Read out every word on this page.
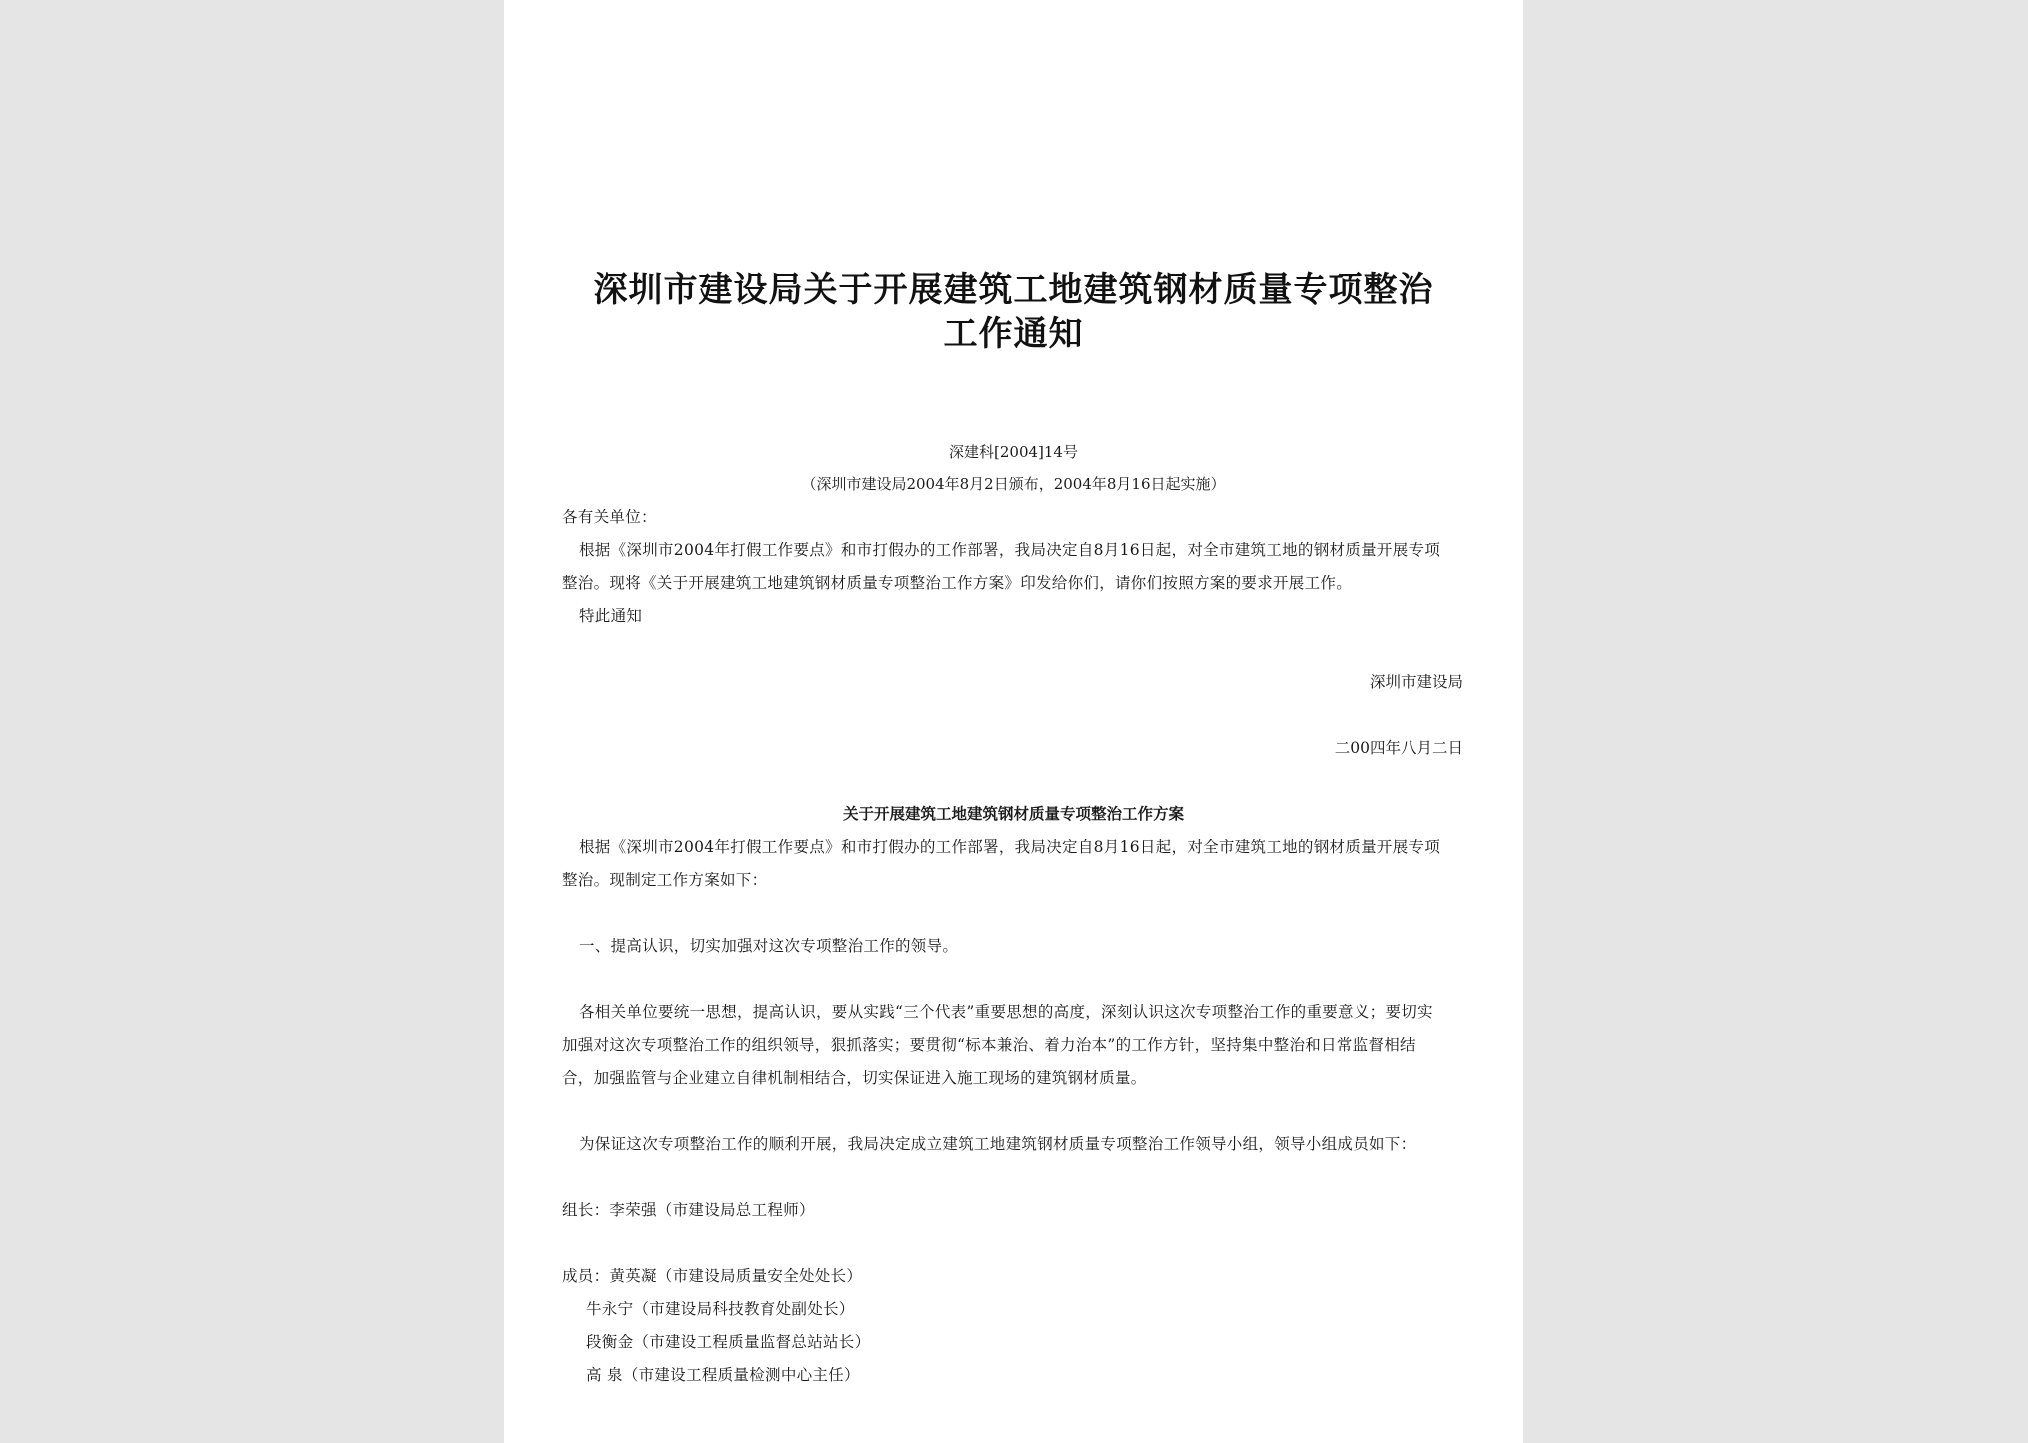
深圳市建设局关于开展建筑工地建筑钢材质量专项整治
工作通知
深建科[2004]14号
（深圳市建设局2004年8月2日颁布，2004年8月16日起实施）
各有关单位：
根据《深圳市2004年打假工作要点》和市打假办的工作部署，我局决定自8月16日起，对全市建筑工地的钢材质量开展专项
整治。现将《关于开展建筑工地建筑钢材质量专项整治工作方案》印发给你们，请你们按照方案的要求开展工作。
特此通知
深圳市建设局
二00四年八月二日
关于开展建筑工地建筑钢材质量专项整治工作方案
根据《深圳市2004年打假工作要点》和市打假办的工作部署，我局决定自8月16日起，对全市建筑工地的钢材质量开展专项
整治。现制定工作方案如下：
一、提高认识，切实加强对这次专项整治工作的领导。
各相关单位要统一思想，提高认识，要从实践“三个代表”重要思想的高度，深刻认识这次专项整治工作的重要意义；要切实
加强对这次专项整治工作的组织领导，狠抓落实；要贯彻“标本兼治、着力治本”的工作方针，坚持集中整治和日常监督相结
合，加强监管与企业建立自律机制相结合，切实保证进入施工现场的建筑钢材质量。
为保证这次专项整治工作的顺利开展，我局决定成立建筑工地建筑钢材质量专项整治工作领导小组，领导小组成员如下：
组长：李荣强（市建设局总工程师）
成员：黄英凝（市建设局质量安全处处长）
牛永宁（市建设局科技教育处副处长）
段衡金（市建设工程质量监督总站站长）
高 泉（市建设工程质量检测中心主任）
